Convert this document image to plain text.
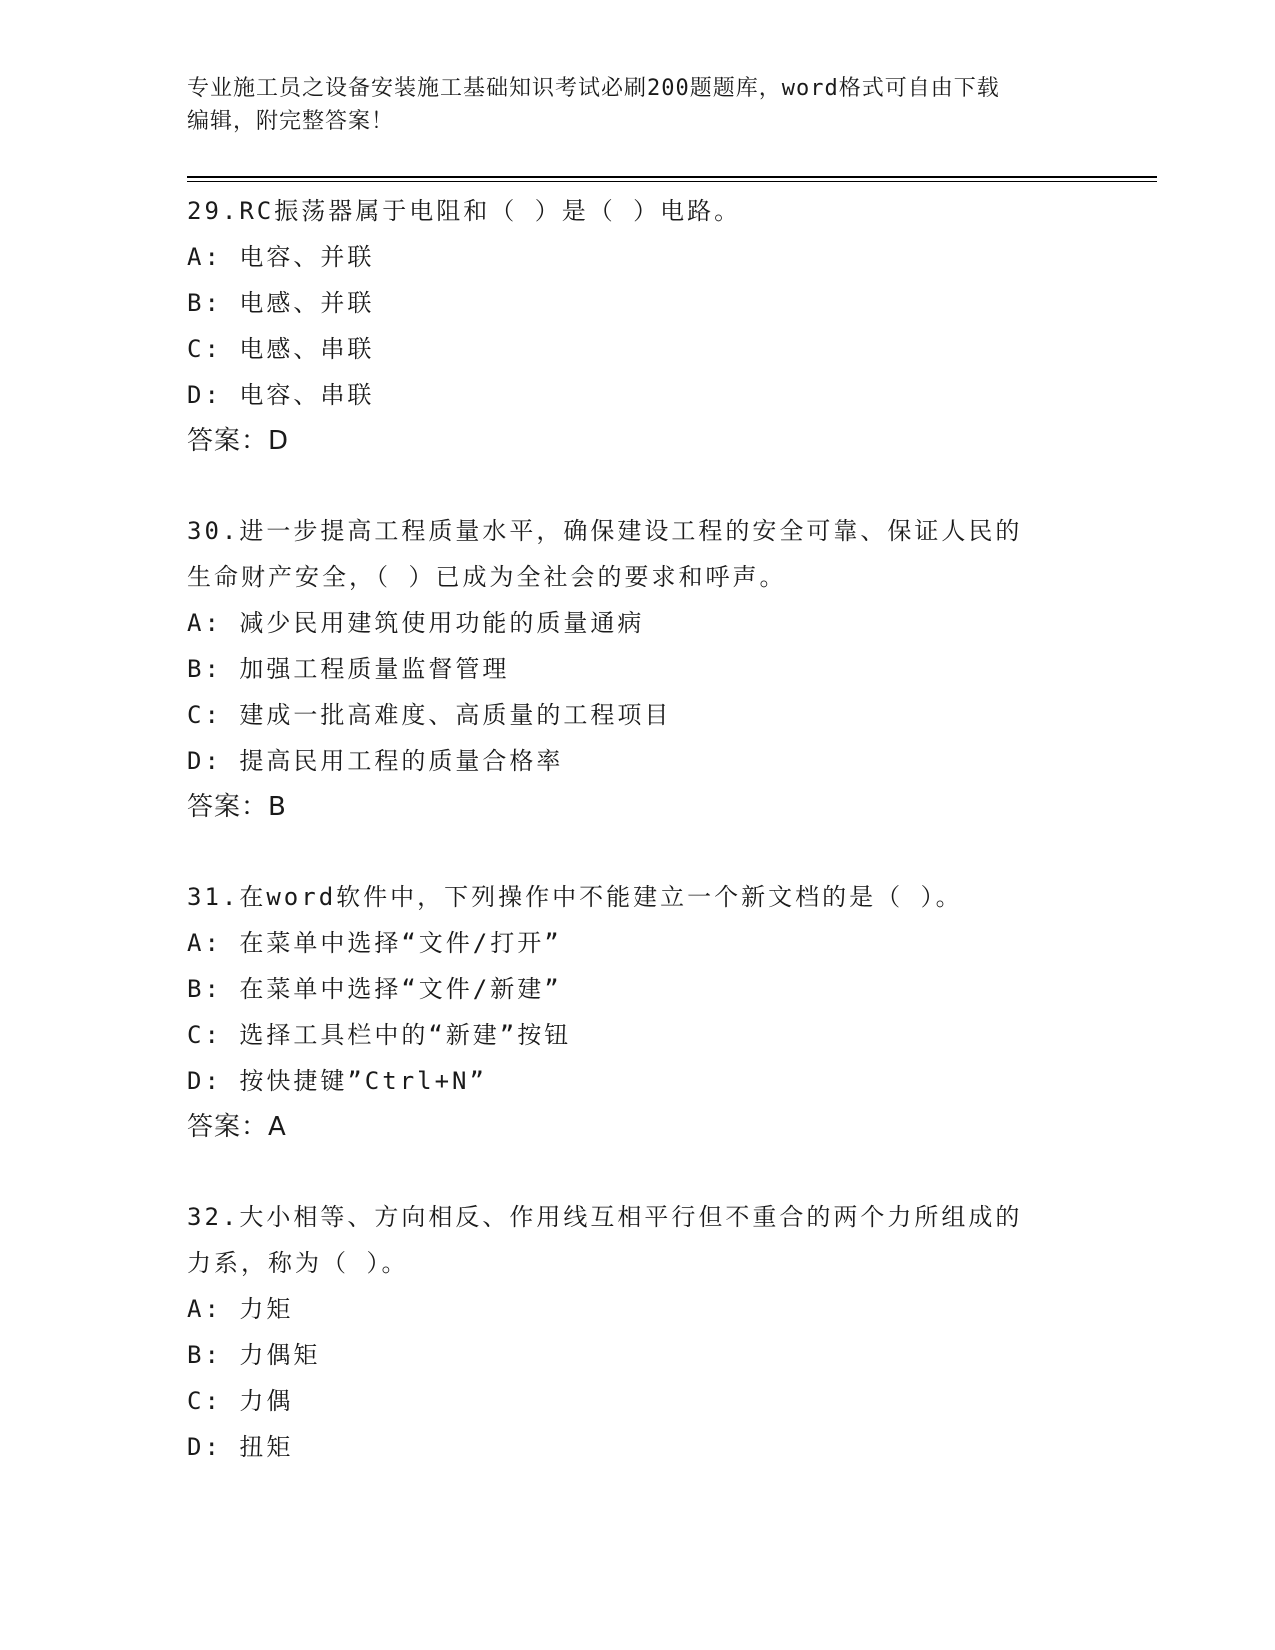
专业施工员之设备安装施工基础知识考试必刷200题题库，word格式可自由下载
编辑，附完整答案！
29.RC振荡器属于电阻和（ ）是（ ）电路。
A: 电容、并联
B: 电感、并联
C: 电感、串联
D: 电容、串联
答案：D
30.进一步提高工程质量水平，确保建设工程的安全可靠、保证人民的
生命财产安全，（ ）已成为全社会的要求和呼声。
A: 减少民用建筑使用功能的质量通病
B: 加强工程质量监督管理
C: 建成一批高难度、高质量的工程项目
D: 提高民用工程的质量合格率
答案：B
31.在word软件中，下列操作中不能建立一个新文档的是（ ）。
A: 在菜单中选择“文件/打开”
B: 在菜单中选择“文件/新建”
C: 选择工具栏中的“新建”按钮
D: 按快捷键”Ctrl+N”
答案：A
32.大小相等、方向相反、作用线互相平行但不重合的两个力所组成的
力系，称为（ ）。
A: 力矩
B: 力偶矩
C: 力偶
D: 扭矩
